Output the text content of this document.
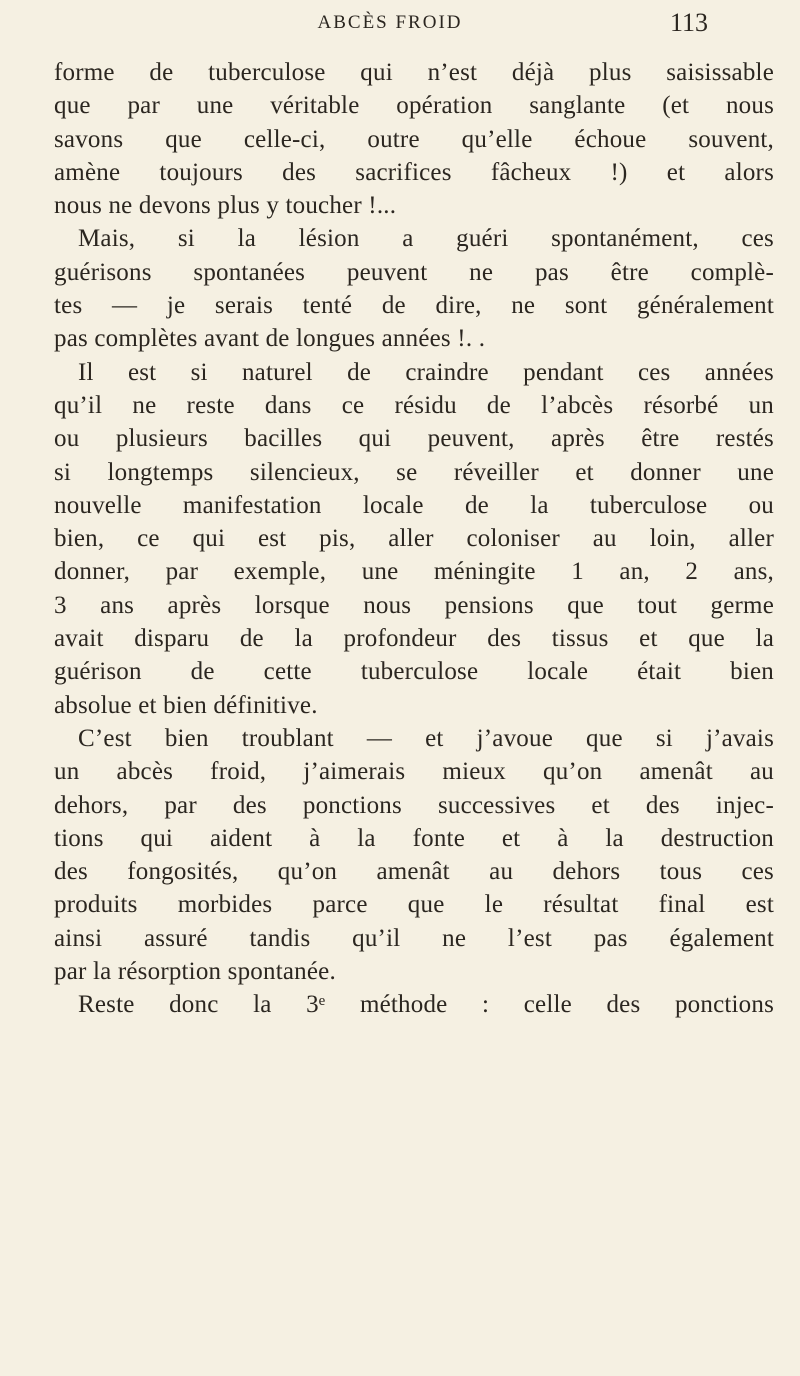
ABCÈS FROID	113
forme de tuberculose qui n’est déjà plus saisissable
que par une véritable opération sanglante (et nous
savons que celle-ci, outre qu’elle échoue souvent,
amène toujours des sacrifices fâcheux !) et alors
nous ne devons plus y toucher !...
Mais, si la lésion a guéri spontanément, ces
guérisons spontanées peuvent ne pas être complè-
tes — je serais tenté de dire, ne sont généralement
pas complètes avant de longues années !. .
Il est si naturel de craindre pendant ces années
qu’il ne reste dans ce résidu de l’abcès résorbé un
ou plusieurs bacilles qui peuvent, après être restés
si longtemps silencieux, se réveiller et donner une
nouvelle manifestation locale de la tuberculose ou
bien, ce qui est pis, aller coloniser au loin, aller
donner, par exemple, une méningite 1 an, 2 ans,
3 ans après lorsque nous pensions que tout germe
avait disparu de la profondeur des tissus et que la
guérison de cette tuberculose locale était bien
absolue et bien définitive.
C’est bien troublant — et j’avoue que si j’avais
un abcès froid, j’aimerais mieux qu’on amenât au
dehors, par des ponctions successives et des injec-
tions qui aident à la fonte et à la destruction
des fongosités, qu’on amenât au dehors tous ces
produits morbides parce que le résultat final est
ainsi assuré tandis qu’il ne l’est pas également
par la résorption spontanée.
Reste donc la 3ᵉ méthode : celle des ponctions
